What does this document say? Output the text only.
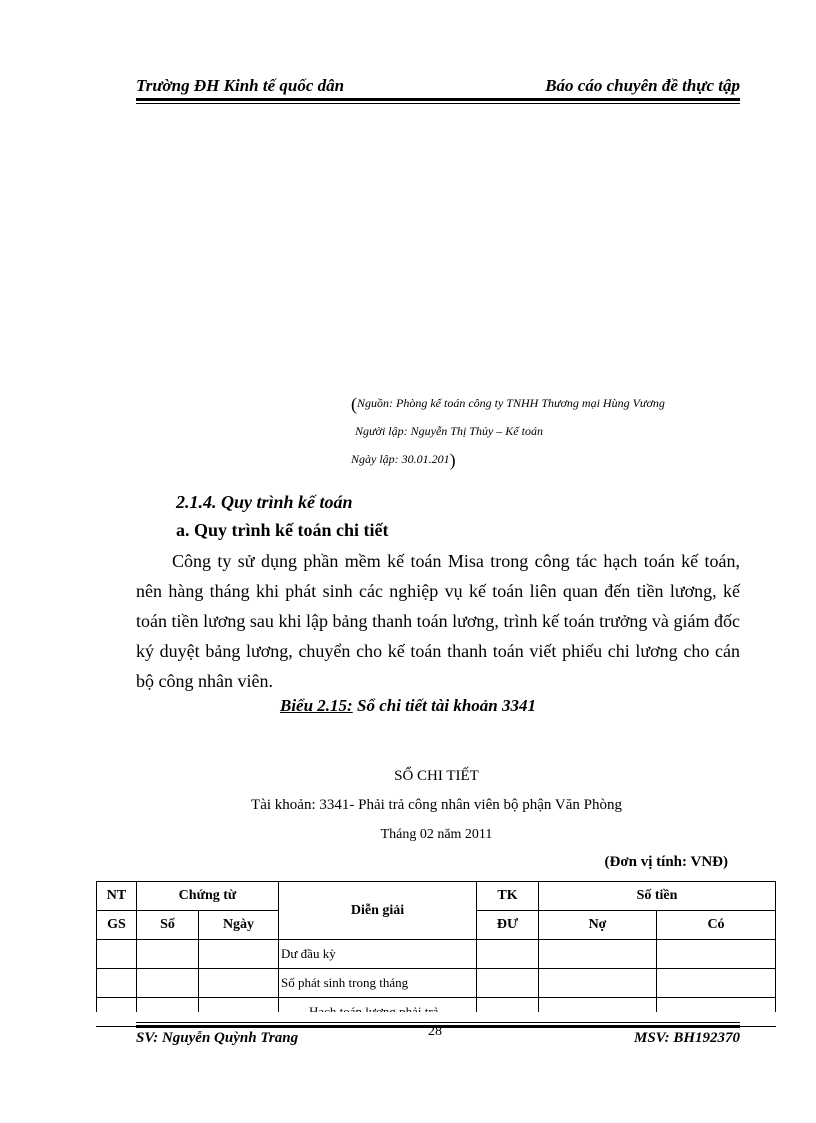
Trường ĐH Kinh tế quốc dân	Báo cáo chuyên đề thực tập
(Nguồn: Phòng kế toán công ty TNHH Thương mại Hùng Vương
Người lập: Nguyễn Thị Thủy – Kế toán
Ngày lập: 30.01.201)
2.1.4. Quy trình kế toán
a. Quy trình kế toán chi tiết
Công ty sử dụng phần mềm kế toán Misa trong công tác hạch toán kế toán, nên hàng tháng khi phát sinh các nghiệp vụ kế toán liên quan đến tiền lương, kế toán tiền lương sau khi lập bảng thanh toán lương, trình kế toán trưởng và giám đốc ký duyệt bảng lương, chuyển cho kế toán thanh toán viết phiếu chi lương cho cán bộ công nhân viên.
Biểu 2.15: Sổ chi tiết tài khoản 3341
SỔ CHI TIẾT
Tài khoản: 3341- Phải trả công nhân viên bộ phận Văn Phòng
Tháng 02 năm 2011
(Đơn vị tính: VNĐ)
NT	Chứng từ		Diễn giải	TK	Số tiền	
GS	Số	Ngày		ĐƯ	Nợ	Có
			Dư đầu kỳ			
			Số phát sinh trong tháng			

28
SV: Nguyễn Quỳnh Trang	MSV: BH192370
